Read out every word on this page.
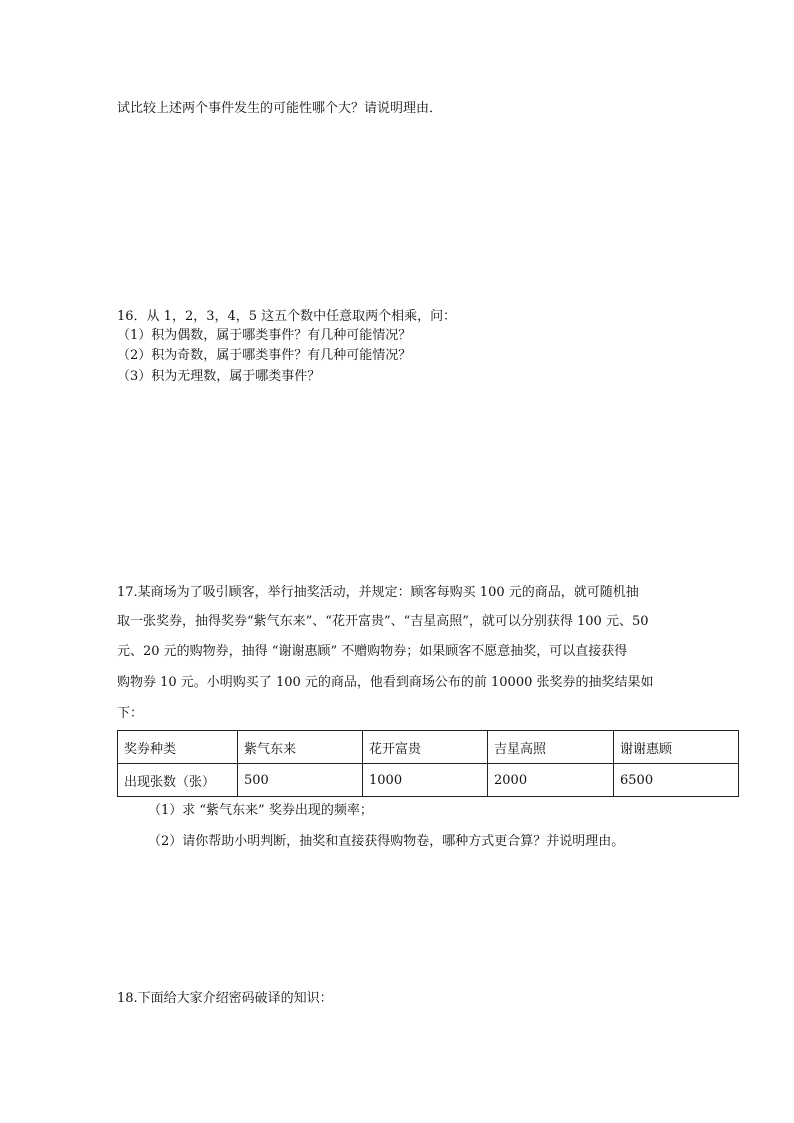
试比较上述两个事件发生的可能性哪个大？请说明理由．
16．从 1，2，3，4，5 这五个数中任意取两个相乘，问：
（1）积为偶数，属于哪类事件？有几种可能情况？
（2）积为奇数，属于哪类事件？有几种可能情况？
（3）积为无理数，属于哪类事件？
17.某商场为了吸引顾客，举行抽奖活动，并规定：顾客每购买 100 元的商品，就可随机抽
取一张奖券，抽得奖券“紫气东来”、“花开富贵”、“吉星高照”，就可以分别获得 100 元、50
元、20 元的购物券，抽得 “谢谢惠顾” 不赠购物券；如果顾客不愿意抽奖，可以直接获得
购物券 10 元。小明购买了 100 元的商品，他看到商场公布的前 10000 张奖券的抽奖结果如
下：
奖券种类	紫气东来	花开富贵	吉星高照	谢谢惠顾
出现张数（张）	500	1000	2000	6500
（1）求 “紫气东来” 奖券出现的频率；
（2）请你帮助小明判断，抽奖和直接获得购物卷，哪种方式更合算？并说明理由。
18.下面给大家介绍密码破译的知识：
